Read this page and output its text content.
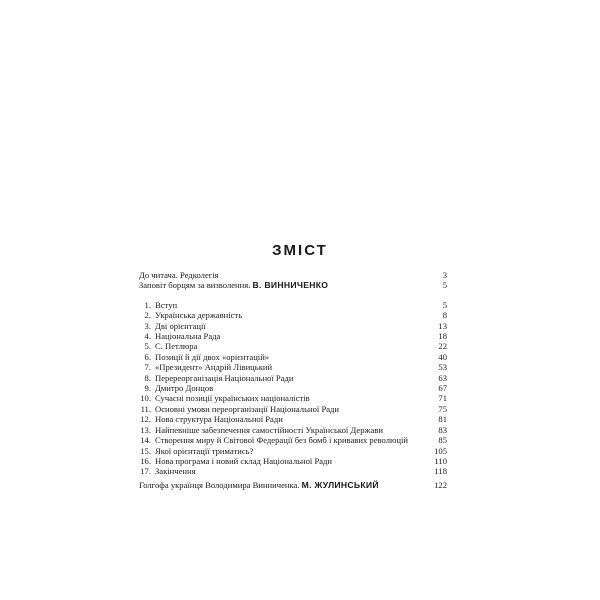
ЗМІСТ
До читача. Редколегія	3
Заповіт борцям за визволення. В. ВИННИЧЕНКО	5
1. Вступ	5
2. Українська державність	8
3. Дві орієнтації	13
4. Національна Рада	18
5. С. Петлюра	22
6. Позиції й дії двох «орієнтацій»	40
7. «Президент» Андрій Лівицький	53
8. Перереорганізація Національної Ради	63
9. Дмитро Донцов	67
10. Сучасні позиції українських націоналістів	71
11. Основні умови переорганізації Національної Ради	75
12. Нова структура Національної Ради	81
13. Найпевніше забезпечення самостійності Української Держави	83
14. Створення миру й Світової Федерації без бомб і кривавих революцій	85
15. Якої орієнтації триматись?	105
16. Нова програма і новий склад Національної Ради	110
17. Закінчення	118
Голгофа українця Володимира Винниченка. М. ЖУЛИНСЬКИЙ	122
